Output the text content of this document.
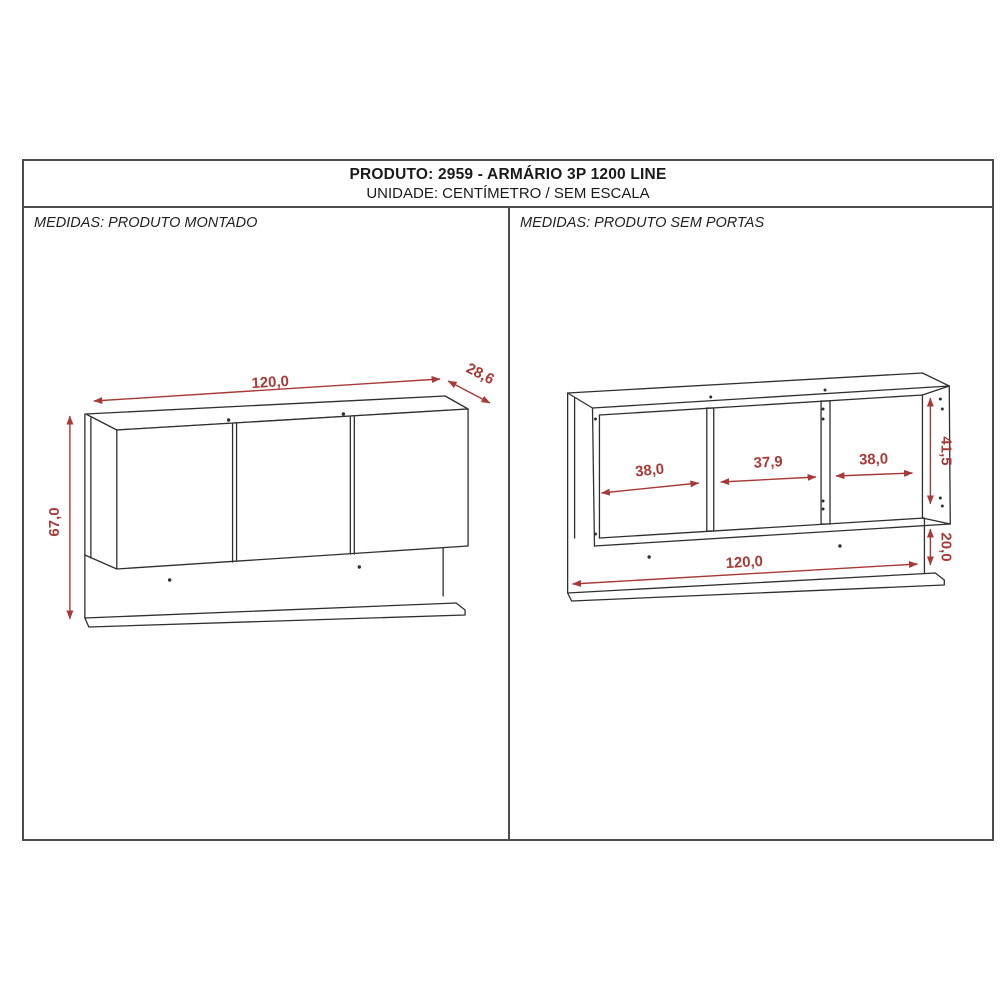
PRODUTO: 2959 - ARMÁRIO 3P 1200 LINE
UNIDADE: CENTÍMETRO / SEM ESCALA
MEDIDAS: PRODUTO MONTADO
120,0	28,6
67,0
MEDIDAS: PRODUTO SEM PORTAS
38,0	37,9	38,0	41,5
20,0
120,0
